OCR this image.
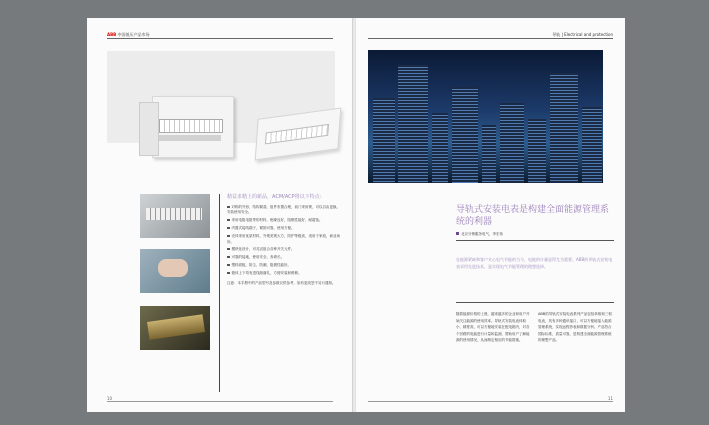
ABB 中国低压产品市场
精益求精上的新品，ACM/ACP将以下特点：
对称的外形，结构紧凑，组件布置合理，前门采用锁，可以自由更换，安装使用安全。
采用电阻电阻等的材料，绝缘良好，阻燃性能好，耐腐蚀。
内置式接线端子，紧固可靠，使用方便。
壳体采用优质材料，外观美观大方，防护等级高，适用于家庭、商业场所。
模块化设计，可灵活组合各种开关元件。
可靠的接地，使用安全，寿命长。
塑料面板，防尘，防潮，阻燃性能好。
箱体上下均有进线敲落孔，方便安装和维修。
注意：本手册中的产品型号及参数仅供参考，如有更改恕不另行通知。
10
导轨 | Electrical and protection
导轨式安装电表是构建全面能源管理系统的利器
北京分销服务电气，李宏伟
在能源紧缺和客户关心电气节能的当今，电能的计量显得尤为重要。ABB的导轨式安装电表采用先进技术，是实现电气节能管理的理想选择。
随着能源价格的上涨，越来越多的企业和用户开始关注能源的使用效率。导轨式安装电表体积小、精度高，可以方便地安装在配电箱内，对各个回路的电能进行计量和监测，帮助用户了解能源的使用情况，从而制定相应的节能措施。
ABB的导轨式安装电表系列产品包括单相和三相电表，具有多种通讯接口，可以方便地接入能源管理系统，实现远程抄表和数据分析。产品符合国际标准，质量可靠，是构建全面能源管理系统的理想产品。
11
